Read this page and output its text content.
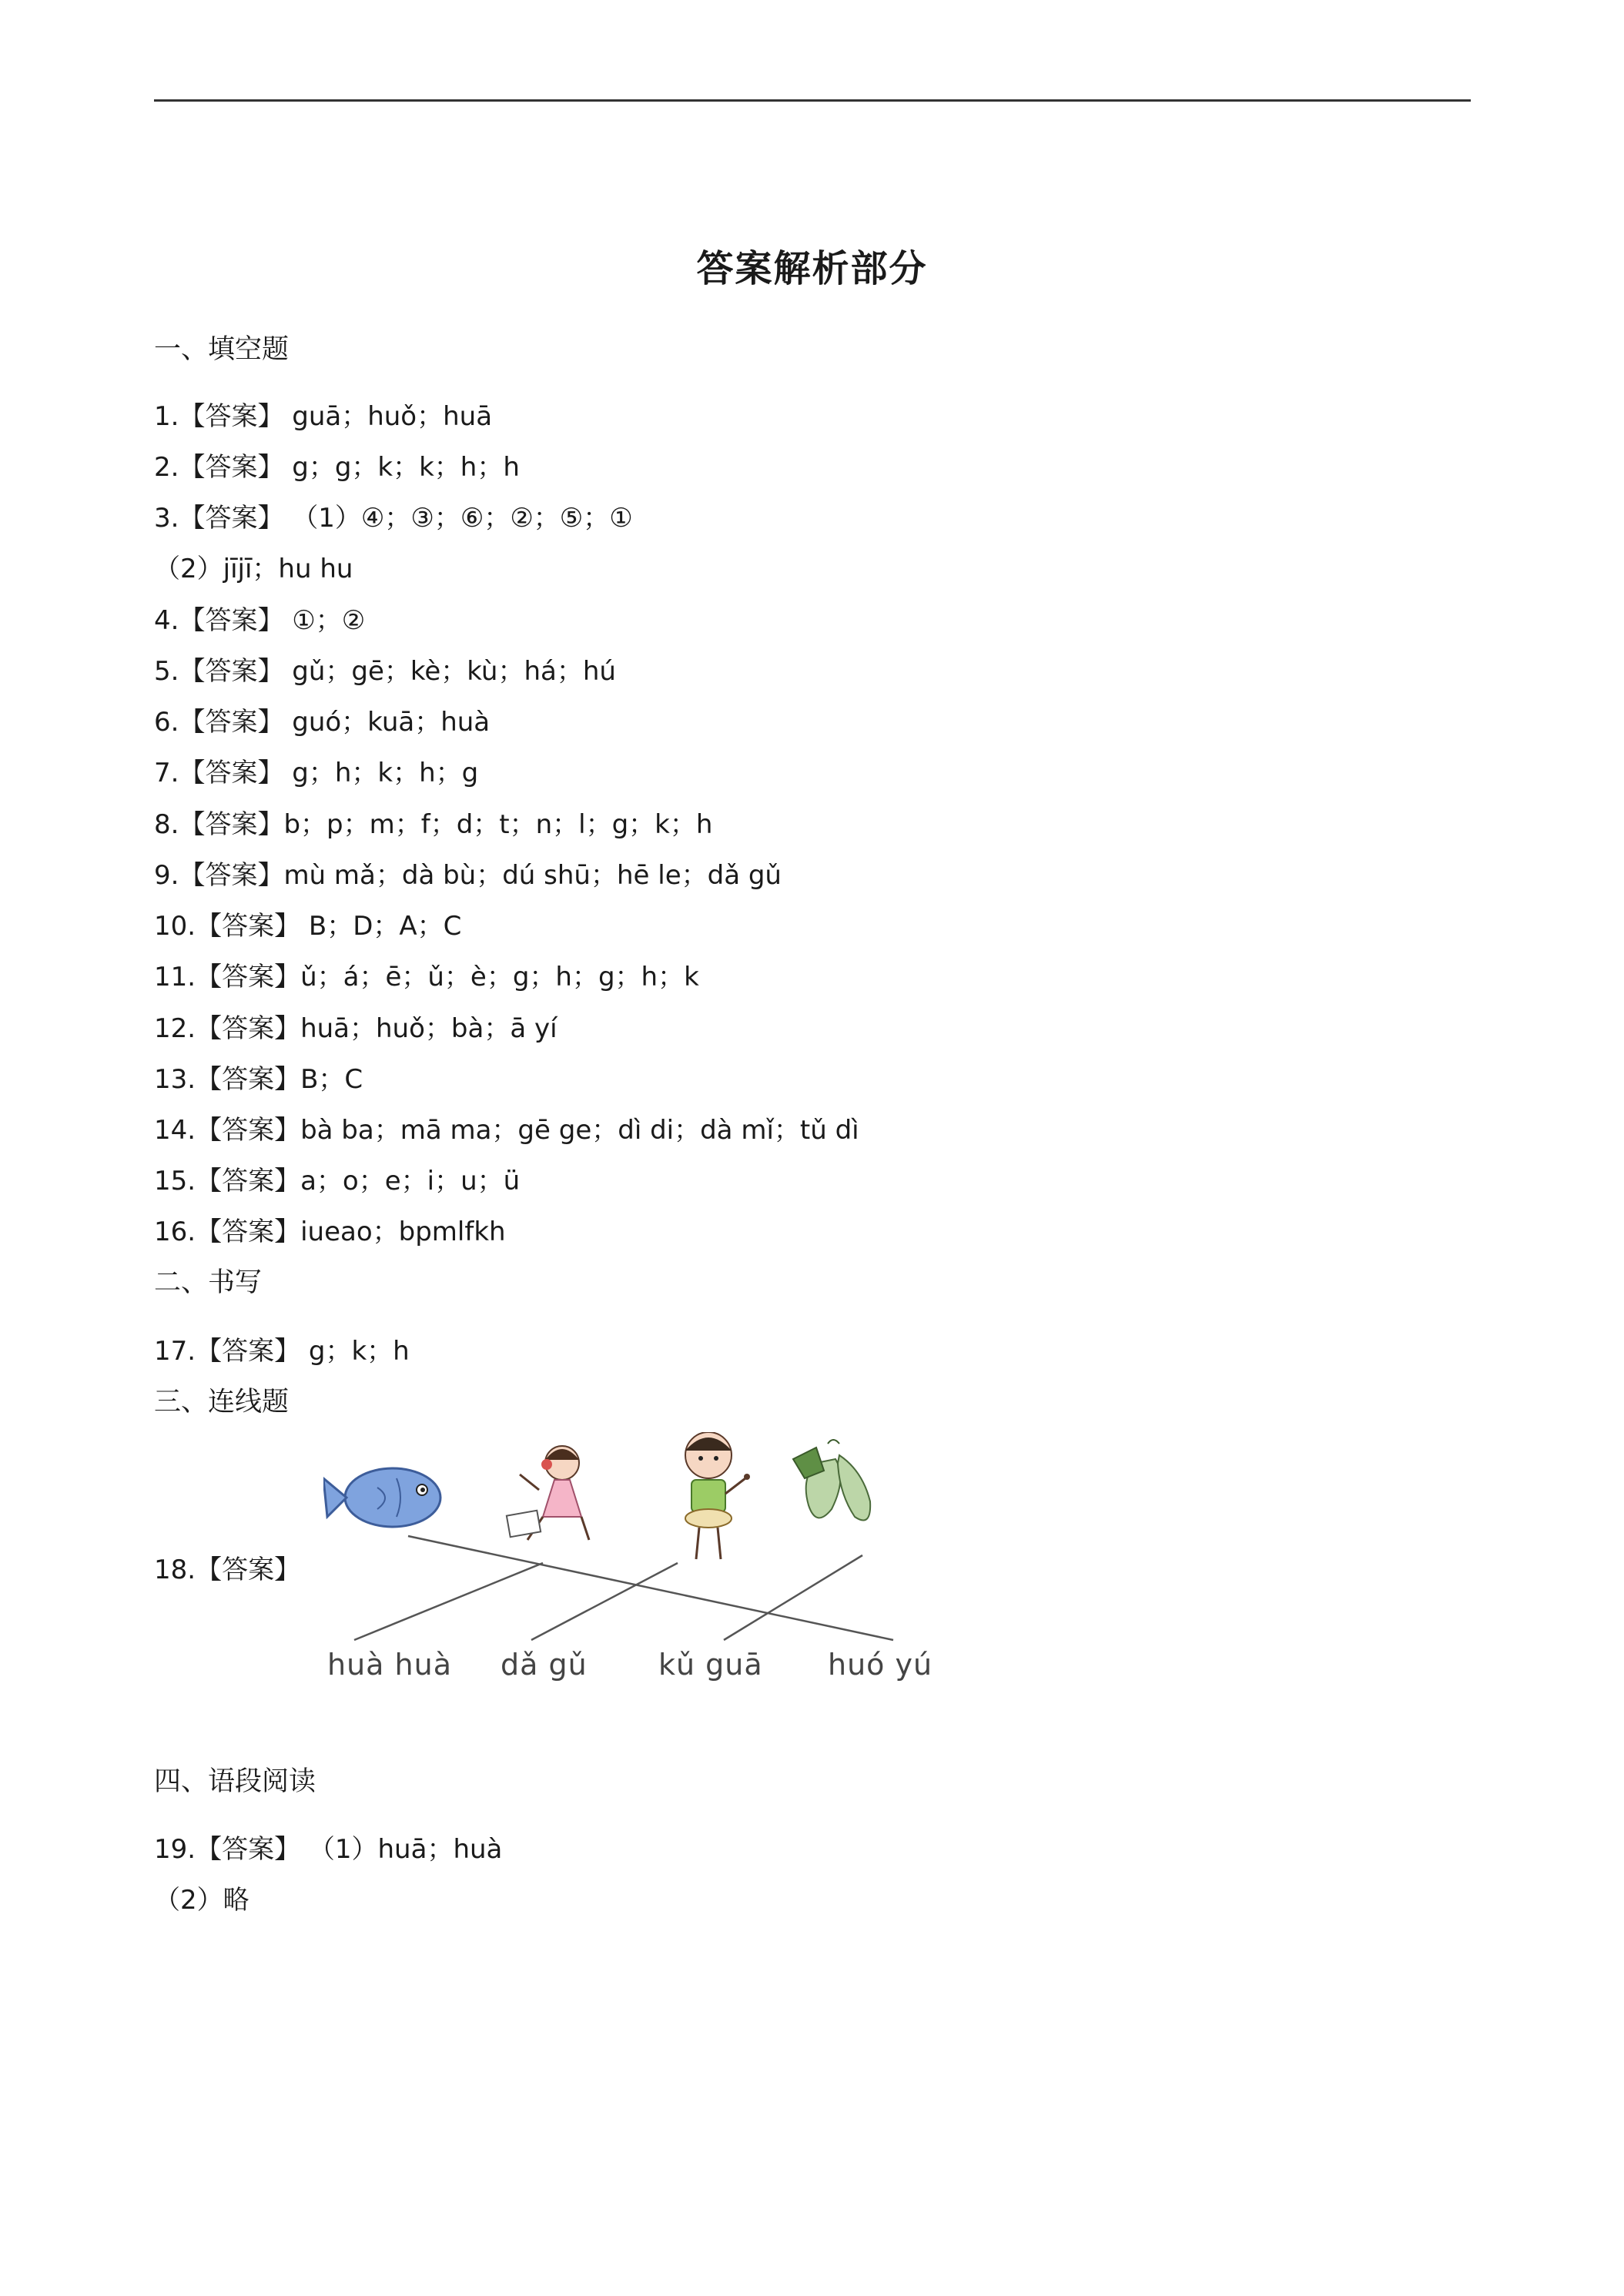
答案解析部分
一、填空题
1.【答案】 guā；huǒ；huā
2.【答案】 g；g；k；k；h；h
3.【答案】 （1）④；③；⑥；②；⑤；①
（2）jījī；hu hu
4.【答案】 ①；②
5.【答案】 gǔ；gē；kè；kù；há；hú
6.【答案】 guó；kuā；huà
7.【答案】 g；h；k；h；g
8.【答案】b；p；m；f；d；t；n；l；g；k；h
9.【答案】mù mǎ；dà bù；dú shū；hē le；dǎ gǔ
10.【答案】 B；D；A；C
11.【答案】ǔ；á；ē；ǔ；è；g；h；g；h；k
12.【答案】huā；huǒ；bà；ā yí
13.【答案】B；C
14.【答案】bà ba；mā ma；gē ge；dì di；dà mǐ；tǔ dì
15.【答案】a；o；e；i；u；ü
16.【答案】iueao；bpmlfkh
二、书写
17.【答案】 g；k；h
三、连线题
18.【答案】
huà huà dǎ gǔ kǔ guā huó yú
四、语段阅读
19.【答案】 （1）huā；huà
（2）略
